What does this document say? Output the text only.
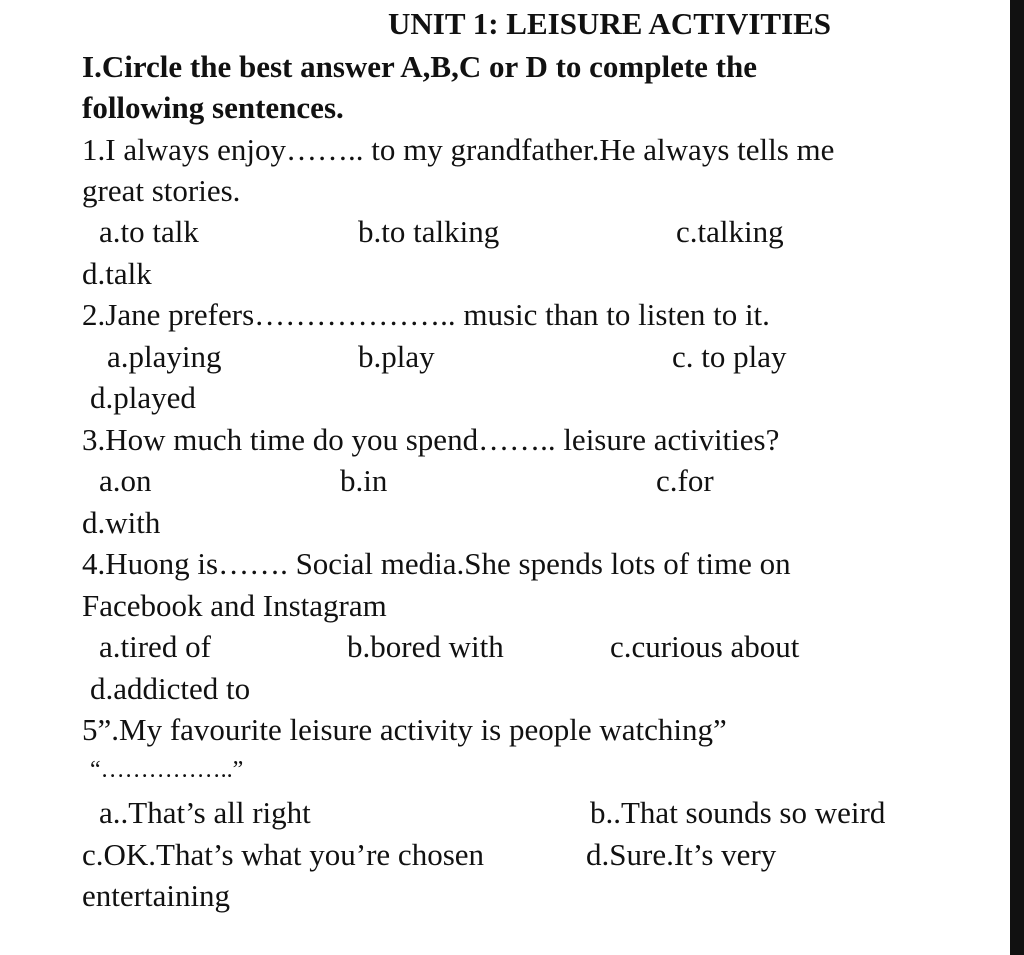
UNIT 1: LEISURE ACTIVITIES
I.Circle the best answer A,B,C or D to complete the
following sentences.
1.I always enjoy…….. to my grandfather.He always tells me
great stories.
a.to talk	b.to talking	c.talking
d.talk
2.Jane prefers……………….. music than to listen to it.
a.playing	b.play	c. to play
d.played
3.How much time do you spend…….. leisure activities?
a.on	b.in	c.for
d.with
4.Huong is……. Social media.She spends lots of time on
Facebook and Instagram
a.tired of	b.bored with	c.curious about
d.addicted to
5”.My favourite leisure activity is people watching”
“……………..”
a..That’s all right	b..That sounds so weird
c.OK.That’s what you’re chosen	d.Sure.It’s very
entertaining
